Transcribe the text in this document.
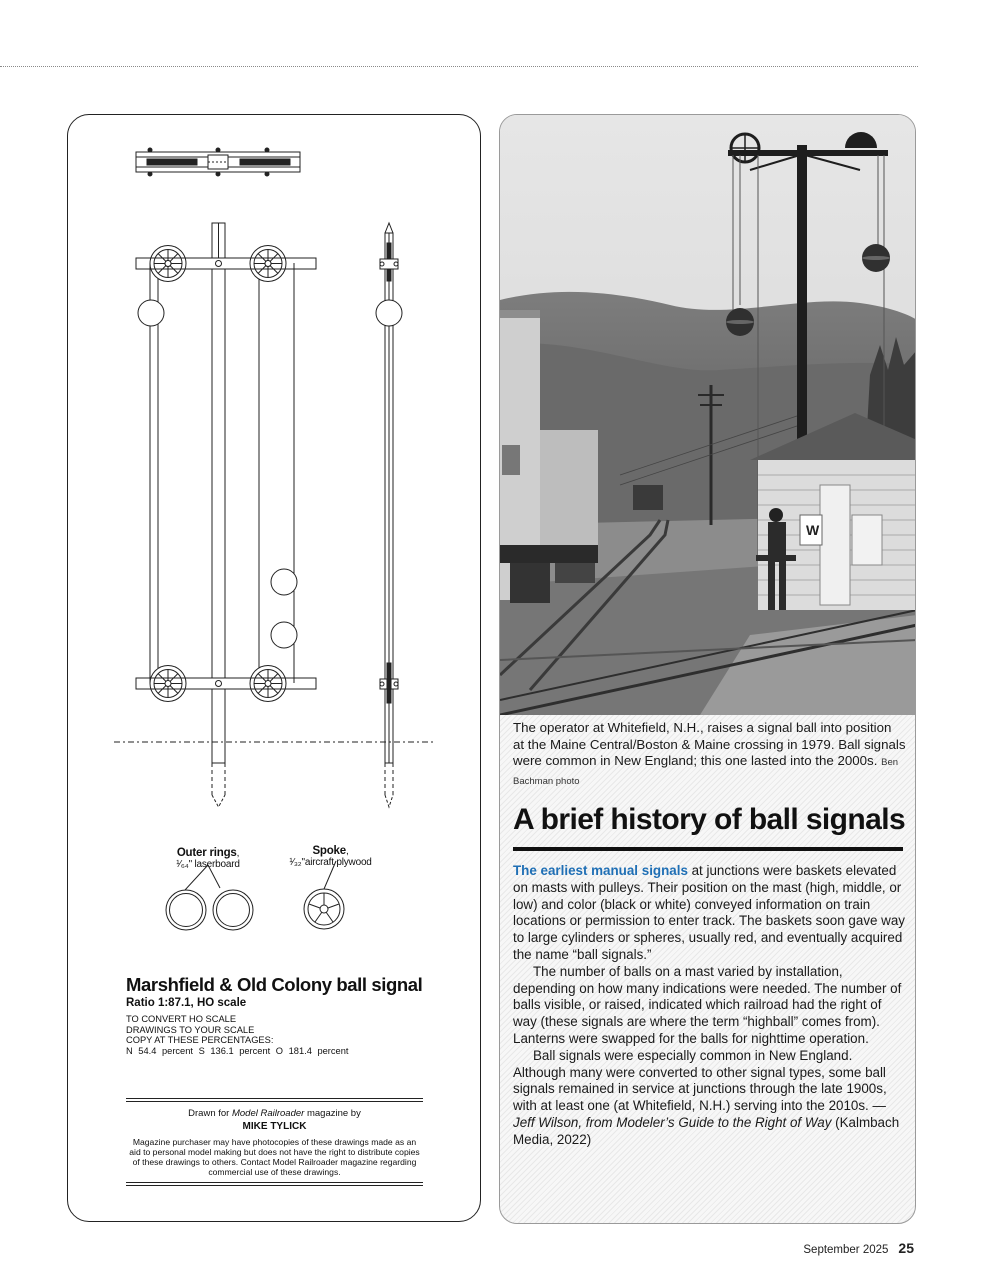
Outer rings,
¹⁄₆₄" laserboard
Spoke,
¹⁄₃₂"aircraft plywood

Marshfield & Old Colony ball signal

Ratio 1:87.1, HO scale

TO CONVERT HO SCALE
DRAWINGS TO YOUR SCALE
COPY AT THESE PERCENTAGES:

N 54.4 percent S 136.1 percent O 181.4 percent

Drawn for Model Railroader magazine by

MIKE TYLICK

Magazine purchaser may have photocopies of these drawings made as an aid to personal model making but does not have the right to distribute copies of these drawings to others. Contact Model Railroader magazine regarding commercial use of these drawings.

W
The operator at Whitefield, N.H., raises a signal ball into position at the Maine Central/Boston & Maine crossing in 1979. Ball signals were common in New England; this one lasted into the 2000s. Ben Bachman photo
A brief history of ball signals

The earliest manual signals at junctions were baskets elevated on masts with pulleys. Their position on the mast (high, middle, or low) and color (black or white) conveyed information on train locations or permission to enter track. The baskets soon gave way to large cylinders or spheres, usually red, and eventually acquired the name “ball signals.”

The number of balls on a mast varied by installation, depending on how many indications were needed. The number of balls visible, or raised, indicated which railroad had the right of way (these signals are where the term “highball” comes from). Lanterns were swapped for the balls for nighttime operation.

Ball signals were especially common in New England. Although many were converted to other signal types, some ball signals remained in service at junctions through the late 1900s, with at least one (at Whitefield, N.H.) serving into the 2010s. — Jeff Wilson, from Modeler’s Guide to the Right of Way (Kalmbach Media, 2022)

September 2025 25
